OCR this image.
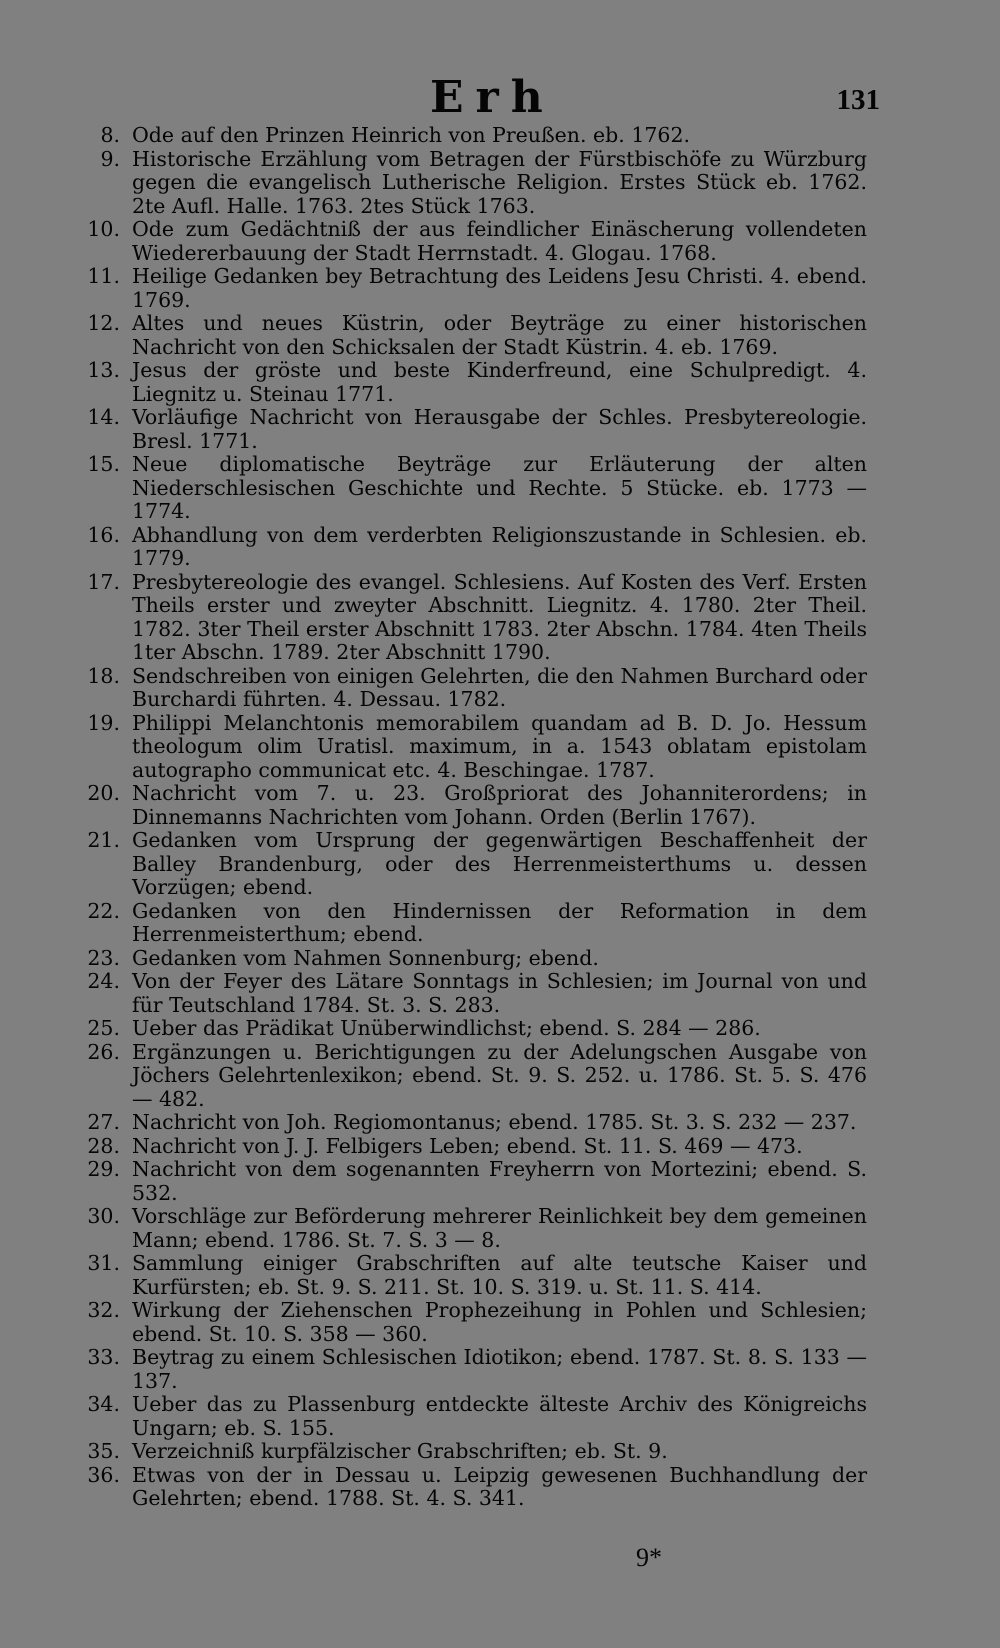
Erh	131
8. Ode auf den Prinzen Heinrich von Preußen. eb. 1762.
9. Historische Erzählung vom Betragen der Fürstbischöfe zu Würzburg gegen die evangelisch Lutherische Religion. Erstes Stück eb. 1762. 2te Aufl. Halle. 1763. 2tes Stück 1763.
10. Ode zum Gedächtniß der aus feindlicher Einäscherung vollendeten Wiedererbauung der Stadt Herrnstadt. 4. Glogau. 1768.
11. Heilige Gedanken bey Betrachtung des Leidens Jesu Christi. 4. ebend. 1769.
12. Altes und neues Küstrin, oder Beyträge zu einer historischen Nachricht von den Schicksalen der Stadt Küstrin. 4. eb. 1769.
13. Jesus der gröste und beste Kinderfreund, eine Schulpredigt. 4. Liegnitz u. Steinau 1771.
14. Vorläufige Nachricht von Herausgabe der Schles. Presbytereologie. Bresl. 1771.
15. Neue diplomatische Beyträge zur Erläuterung der alten Niederschlesischen Geschichte und Rechte. 5 Stücke. eb. 1773 — 1774.
16. Abhandlung von dem verderbten Religionszustande in Schlesien. eb. 1779.
17. Presbytereologie des evangel. Schlesiens. Auf Kosten des Verf. Ersten Theils erster und zweyter Abschnitt. Liegnitz. 4. 1780. 2ter Theil. 1782. 3ter Theil erster Abschnitt 1783. 2ter Abschn. 1784. 4ten Theils 1ter Abschn. 1789. 2ter Abschnitt 1790.
18. Sendschreiben von einigen Gelehrten, die den Nahmen Burchard oder Burchardi führten. 4. Dessau. 1782.
19. Philippi Melanchtonis memorabilem quandam ad B. D. Jo. Hessum theologum olim Uratisl. maximum, in a. 1543 oblatam epistolam autographo communicat etc. 4. Beschingae. 1787.
20. Nachricht vom 7. u. 23. Großpriorat des Johanniterordens; in Dinnemanns Nachrichten vom Johann. Orden (Berlin 1767).
21. Gedanken vom Ursprung der gegenwärtigen Beschaffenheit der Balley Brandenburg, oder des Herrenmeisterthums u. dessen Vorzügen; ebend.
22. Gedanken von den Hindernissen der Reformation in dem Herrenmeisterthum; ebend.
23. Gedanken vom Nahmen Sonnenburg; ebend.
24. Von der Feyer des Lätare Sonntags in Schlesien; im Journal von und für Teutschland 1784. St. 3. S. 283.
25. Ueber das Prädikat Unüberwindlichst; ebend. S. 284 — 286.
26. Ergänzungen u. Berichtigungen zu der Adelungschen Ausgabe von Jöchers Gelehrtenlexikon; ebend. St. 9. S. 252. u. 1786. St. 5. S. 476 — 482.
27. Nachricht von Joh. Regiomontanus; ebend. 1785. St. 3. S. 232 — 237.
28. Nachricht von J. J. Felbigers Leben; ebend. St. 11. S. 469 — 473.
29. Nachricht von dem sogenannten Freyherrn von Mortezini; ebend. S. 532.
30. Vorschläge zur Beförderung mehrerer Reinlichkeit bey dem gemeinen Mann; ebend. 1786. St. 7. S. 3 — 8.
31. Sammlung einiger Grabschriften auf alte teutsche Kaiser und Kurfürsten; eb. St. 9. S. 211. St. 10. S. 319. u. St. 11. S. 414.
32. Wirkung der Ziehenschen Prophezeihung in Pohlen und Schlesien; ebend. St. 10. S. 358 — 360.
33. Beytrag zu einem Schlesischen Idiotikon; ebend. 1787. St. 8. S. 133 — 137.
34. Ueber das zu Plassenburg entdeckte älteste Archiv des Königreichs Ungarn; eb. S. 155.
35. Verzeichniß kurpfälzischer Grabschriften; eb. St. 9.
36. Etwas von der in Dessau u. Leipzig gewesenen Buchhandlung der Gelehrten; ebend. 1788. St. 4. S. 341.
9*
